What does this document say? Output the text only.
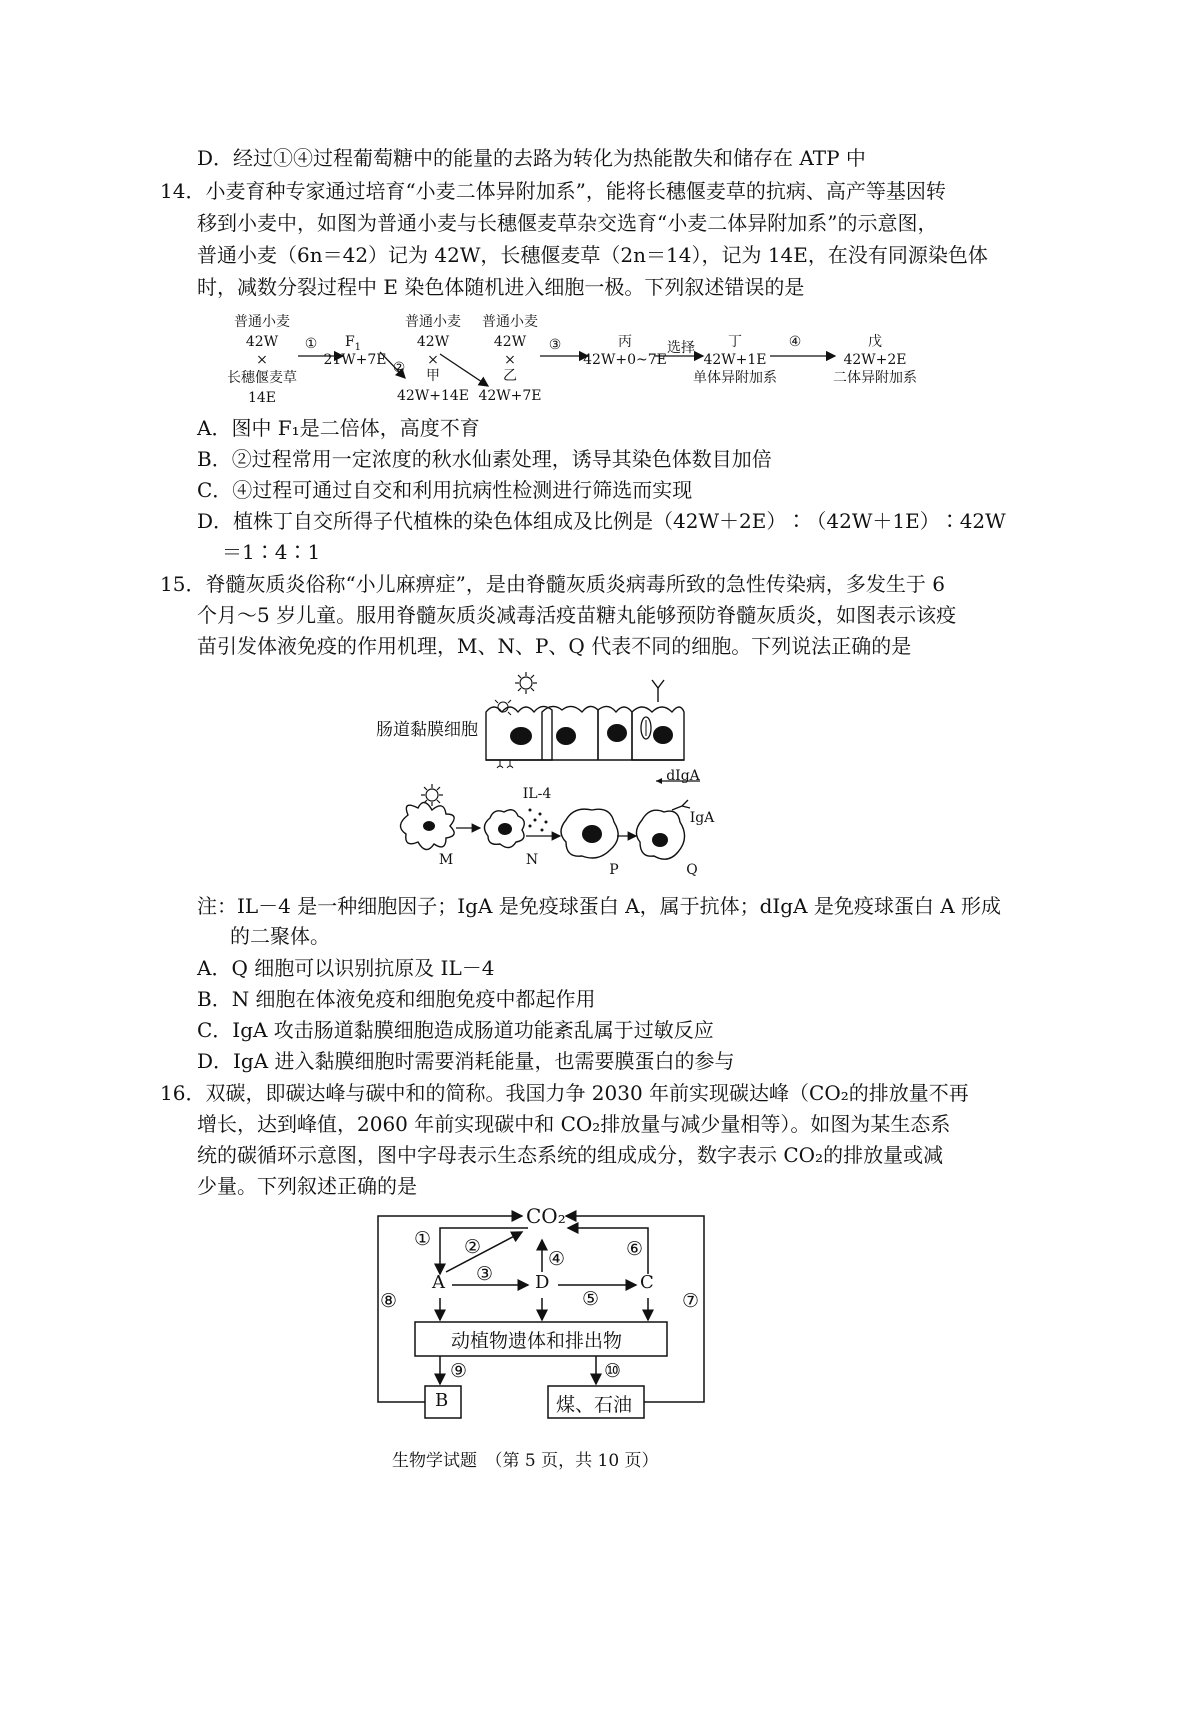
D．经过①④过程葡萄糖中的能量的去路为转化为热能散失和储存在 ATP 中
14．小麦育种专家通过培育“小麦二体异附加系”，能将长穗偃麦草的抗病、高产等基因转
移到小麦中，如图为普通小麦与长穗偃麦草杂交选育“小麦二体异附加系”的示意图，
普通小麦（6n＝42）记为 42W，长穗偃麦草（2n＝14），记为 14E，在没有同源染色体
时，减数分裂过程中 E 染色体随机进入细胞一极。下列叙述错误的是
普通小麦
42W
×
长穗偃麦草
14E
①	$F_1$
21W+7E ②
普通小麦
42W
×
甲
42W+14E
普通小麦
42W
×
乙
42W+7E
③	丙
42W+0~7E
选择	丁
42W+1E
单体异附加系
④	戊
42W+2E
二体异附加系
A．图中 F₁是二倍体，高度不育
B．②过程常用一定浓度的秋水仙素处理，诱导其染色体数目加倍
C．④过程可通过自交和利用抗病性检测进行筛选而实现
D．植株丁自交所得子代植株的染色体组成及比例是（42W＋2E）∶（42W＋1E）∶42W
＝1∶4∶1
15．脊髓灰质炎俗称“小儿麻痹症”，是由脊髓灰质炎病毒所致的急性传染病，多发生于 6
个月～5 岁儿童。服用脊髓灰质炎减毒活疫苗糖丸能够预防脊髓灰质炎，如图表示该疫
苗引发体液免疫的作用机理，M、N、P、Q 代表不同的细胞。下列说法正确的是
肠道黏膜细胞
dIgA
IL-4
IgA
M	N
P	Q
注：IL－4 是一种细胞因子；IgA 是免疫球蛋白 A，属于抗体；dIgA 是免疫球蛋白 A 形成
的二聚体。
A．Q 细胞可以识别抗原及 IL－4
B．N 细胞在体液免疫和细胞免疫中都起作用
C．IgA 攻击肠道黏膜细胞造成肠道功能紊乱属于过敏反应
D．IgA 进入黏膜细胞时需要消耗能量，也需要膜蛋白的参与
16．双碳，即碳达峰与碳中和的简称。我国力争 2030 年前实现碳达峰（CO₂的排放量不再
增长，达到峰值，2060 年前实现碳中和 CO₂排放量与减少量相等）。如图为某生态系
统的碳循环示意图，图中字母表示生态系统的组成成分，数字表示 CO₂的排放量或减
少量。下列叙述正确的是
CO₂
A	D	C
动植物遗体和排出物
B	煤、石油
① ②
③
④
⑤
⑥
⑦
⑧
⑨	⑩
生物学试题　（第 5 页，共 10 页）
